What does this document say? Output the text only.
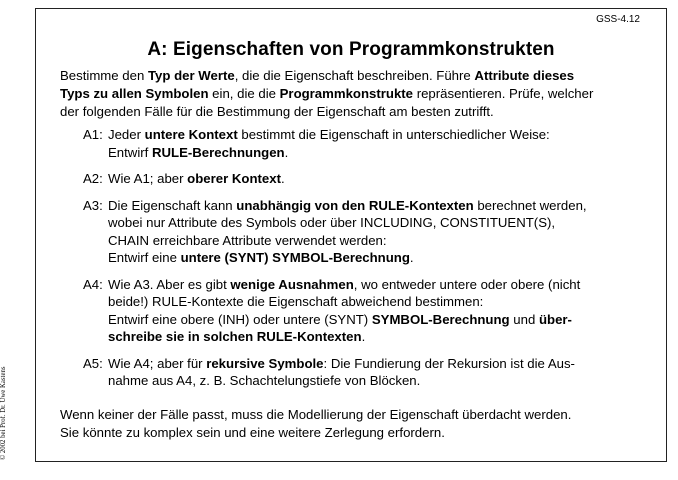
GSS-4.12
A: Eigenschaften von Programmkonstrukten
Bestimme den Typ der Werte, die die Eigenschaft beschreiben. Führe Attribute dieses
Typs zu allen Symbolen ein, die die Programmkonstrukte repräsentieren. Prüfe, welcher
der folgenden Fälle für die Bestimmung der Eigenschaft am besten zutrifft.
A1: Jeder untere Kontext bestimmt die Eigenschaft in unterschiedlicher Weise:
Entwirf RULE-Berechnungen.
A2: Wie A1; aber oberer Kontext.
A3: Die Eigenschaft kann unabhängig von den RULE-Kontexten berechnet werden,
wobei nur Attribute des Symbols oder über INCLUDING, CONSTITUENT(S),
CHAIN erreichbare Attribute verwendet werden:
Entwirf eine untere (SYNT) SYMBOL-Berechnung.
A4: Wie A3. Aber es gibt wenige Ausnahmen, wo entweder untere oder obere (nicht
beide!) RULE-Kontexte die Eigenschaft abweichend bestimmen:
Entwirf eine obere (INH) oder untere (SYNT) SYMBOL-Berechnung und über-
schreibe sie in solchen RULE-Kontexten.
A5: Wie A4; aber für rekursive Symbole: Die Fundierung der Rekursion ist die Aus-
nahme aus A4, z. B. Schachtelungstiefe von Blöcken.
Wenn keiner der Fälle passt, muss die Modellierung der Eigenschaft überdacht werden.
Sie könnte zu komplex sein und eine weitere Zerlegung erfordern.
© 2002 bei Prof. Dr. Uwe Kastens
